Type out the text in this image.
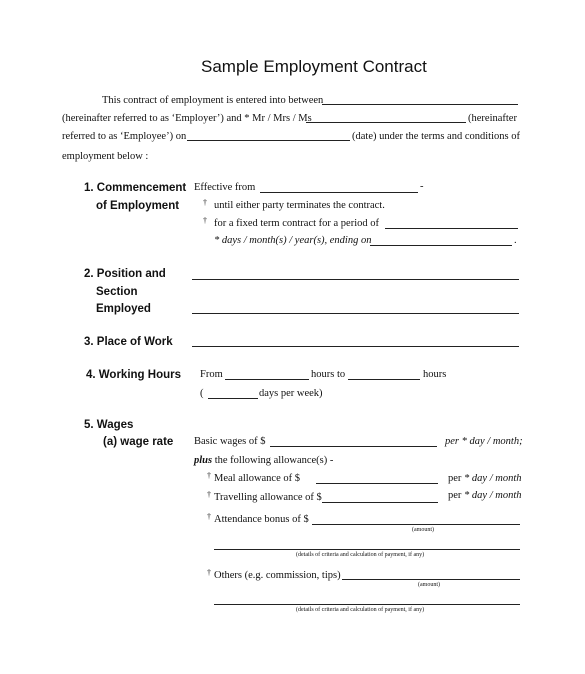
Sample Employment Contract
This contract of employment is entered into between
(hereinafter referred to as ‘Employer’) and * Mr / Mrs / Ms	(hereinafter
referred to as ‘Employee’) on	(date) under the terms and conditions of
employment below :
1. Commencement
of Employment
Effective from	-
† until either party terminates the contract.
† for a fixed term contract for a period of
* days / month(s) / year(s), ending on	.
2. Position and
Section
Employed
3. Place of Work
4. Working Hours From	hours to	hours
(	days per week)
5. Wages
(a) wage rate Basic wages of $	per * day / month;
plus the following allowance(s) -
† Meal allowance of $	per * day / month
† Travelling allowance of $	per * day / month
† Attendance bonus of $
(amount)
(details of criteria and calculation of payment, if any)
† Others (e.g. commission, tips)
(amount)
(details of criteria and calculation of payment, if any)
